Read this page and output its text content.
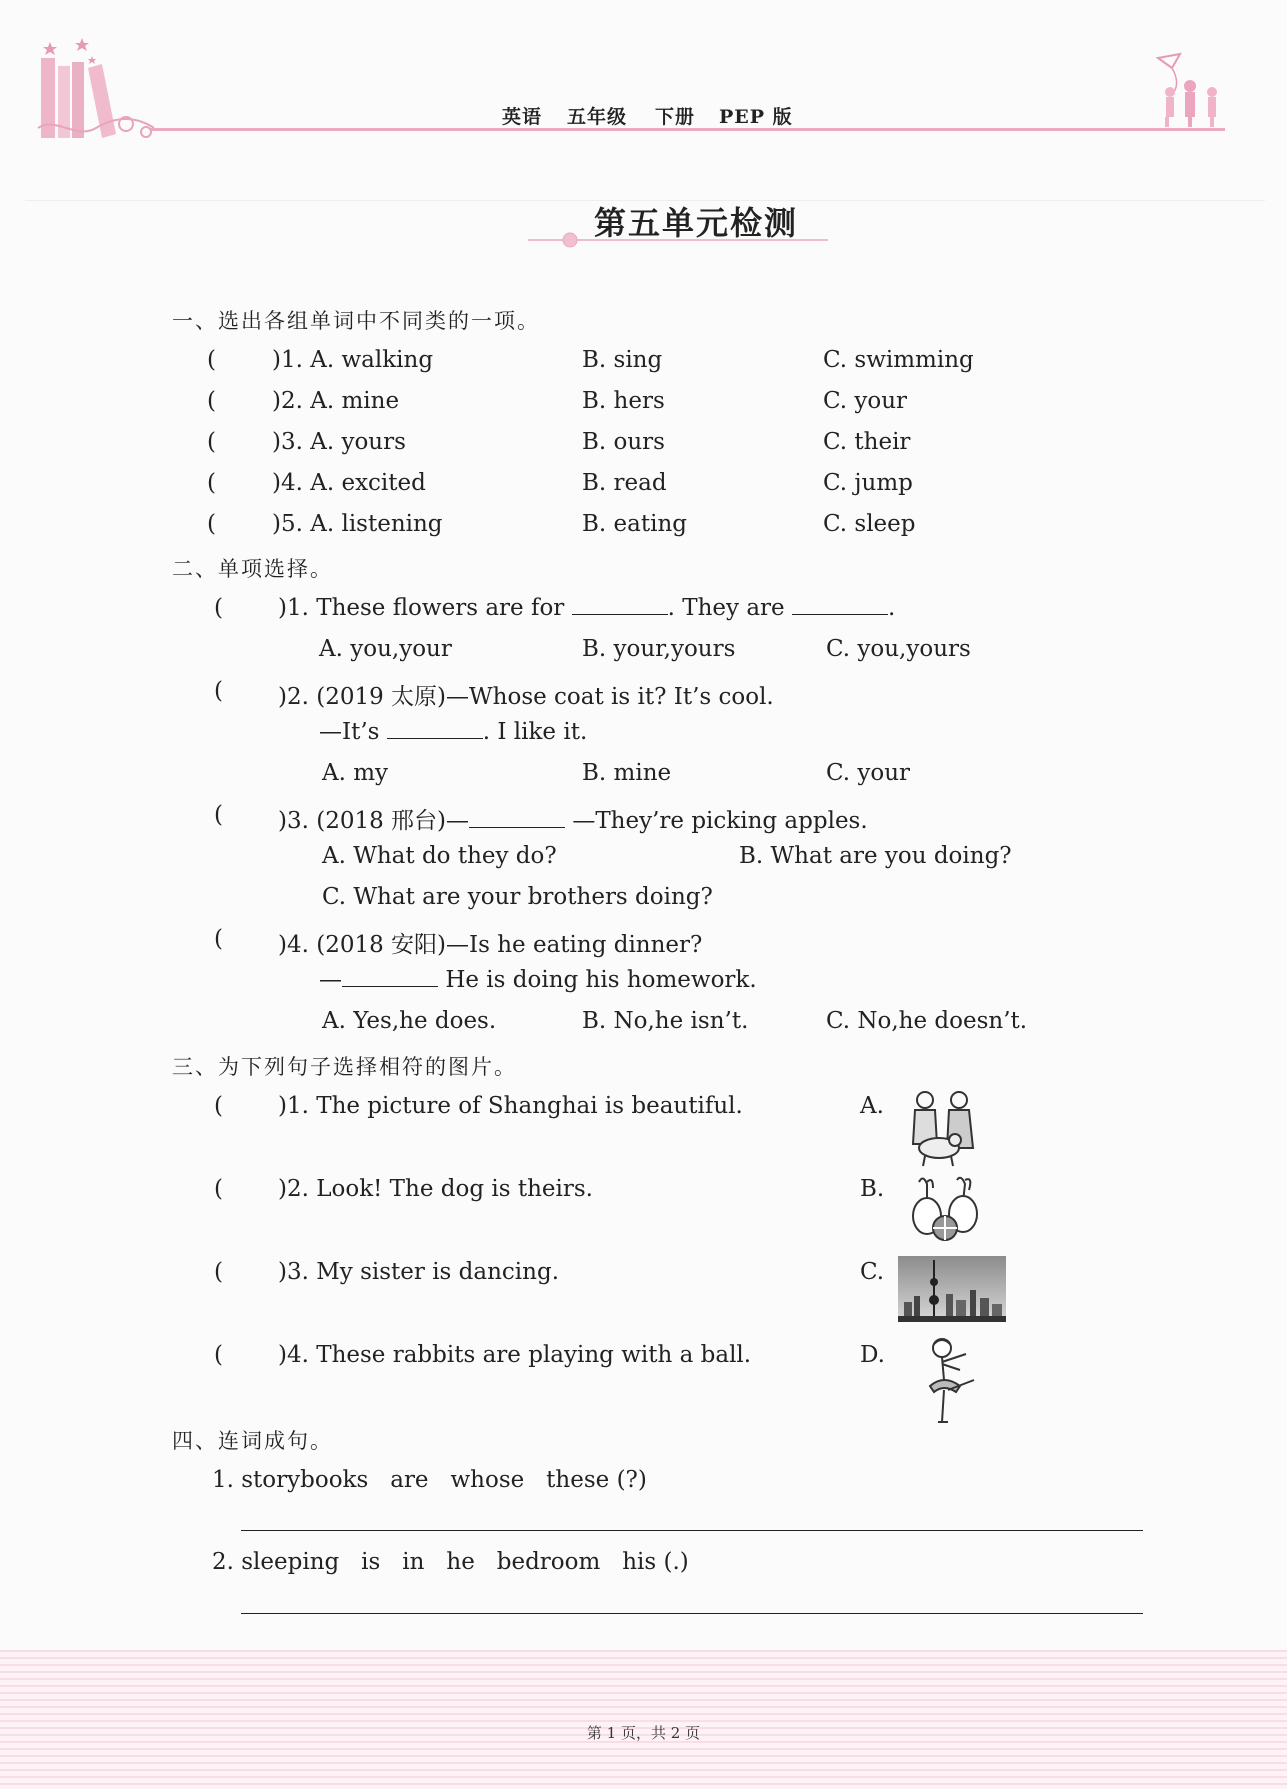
英语 五年级 下册 PEP 版
第五单元检测
一、选出各组单词中不同类的一项。
( )1. A. walking	B. sing	C. swimming
( )2. A. mine	B. hers	C. your
( )3. A. yours	B. ours	C. their
( )4. A. excited	B. read	C. jump
( )5. A. listening	B. eating	C. sleep
二、单项选择。
( )1. These flowers are for	. They are	.
A. you,your	B. your,yours	C. you,yours
( )2. (2019 太原)—Whose coat is it? It’s cool.
—It’s	. I like it.
A. my	B. mine	C. your
( )3. (2018 邢台)—	—They’re picking apples.
A. What do they do?	B. What are you doing?
C. What are your brothers doing?
( )4. (2018 安阳)—Is he eating dinner?
—	He is doing his homework.
A. Yes,he does.	B. No,he isn’t.	C. No,he doesn’t.
三、为下列句子选择相符的图片。
( )1. The picture of Shanghai is beautiful.	A.
( )2. Look! The dog is theirs.	B.
( )3. My sister is dancing.	C.
( )4. These rabbits are playing with a ball.	D.
四、连词成句。
1. storybooks   are   whose   these (?)
2. sleeping   is   in   he   bedroom   his (.)
第 1 页，共 2 页
